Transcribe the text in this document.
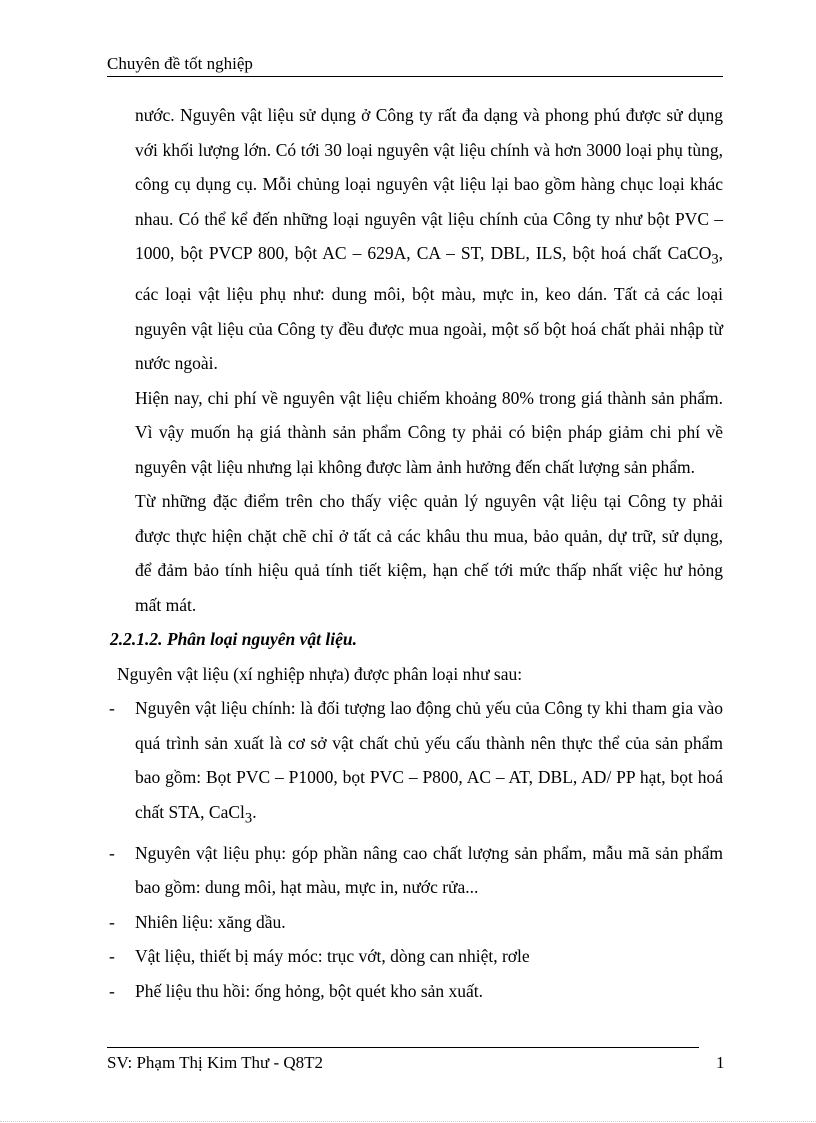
Chuyên đề tốt nghiệp

nước. Nguyên vật liệu sử dụng ở Công ty rất đa dạng và phong phú được sử dụng với khối lượng lớn. Có tới 30 loại nguyên vật liệu chính và hơn 3000 loại phụ tùng, công cụ dụng cụ. Mỗi chủng loại nguyên vật liệu lại bao gồm hàng chục loại khác nhau. Có thể kể đến những loại nguyên vật liệu chính của Công ty như bột PVC – 1000, bột PVCP 800, bột AC – 629A, CA – ST, DBL, ILS, bột hoá chất CaCO$_3$, các loại vật liệu phụ như: dung môi, bột màu, mực in, keo dán. Tất cả các loại nguyên vật liệu của Công ty đều được mua ngoài, một số bột hoá chất phải nhập từ nước ngoài.

Hiện nay, chi phí về nguyên vật liệu chiếm khoảng 80% trong giá thành sản phẩm. Vì vậy muốn hạ giá thành sản phẩm Công ty phải có biện pháp giảm chi phí về nguyên vật liệu nhưng lại không được làm ảnh hưởng đến chất lượng sản phẩm.

Từ những đặc điểm trên cho thấy việc quản lý nguyên vật liệu tại Công ty phải được thực hiện chặt chẽ chỉ ở tất cả các khâu thu mua, bảo quản, dự trữ, sử dụng, để đảm bảo tính hiệu quả tính tiết kiệm, hạn chế tới mức thấp nhất việc hư hỏng mất mát.

2.2.1.2. Phân loại nguyên vật liệu.

Nguyên vật liệu (xí nghiệp nhựa) được phân loại như sau:

- Nguyên vật liệu chính: là đối tượng lao động chủ yếu của Công ty khi tham gia vào quá trình sản xuất là cơ sở vật chất chủ yếu cấu thành nên thực thể của sản phẩm bao gồm: Bọt PVC – P1000, bọt PVC – P800, AC – AT, DBL, AD/ PP hạt, bọt hoá chất STA, CaCl$_3$.
- Nguyên vật liệu phụ: góp phần nâng cao chất lượng sản phẩm, mẫu mã sản phẩm bao gồm: dung môi, hạt màu, mực in, nước rửa...
- Nhiên liệu: xăng dầu.
- Vật liệu, thiết bị máy móc: trục vớt, dòng can nhiệt, rơle
- Phế liệu thu hồi: ống hỏng, bột quét kho sản xuất.
SV: Phạm Thị Kim Thư - Q8T2	1
